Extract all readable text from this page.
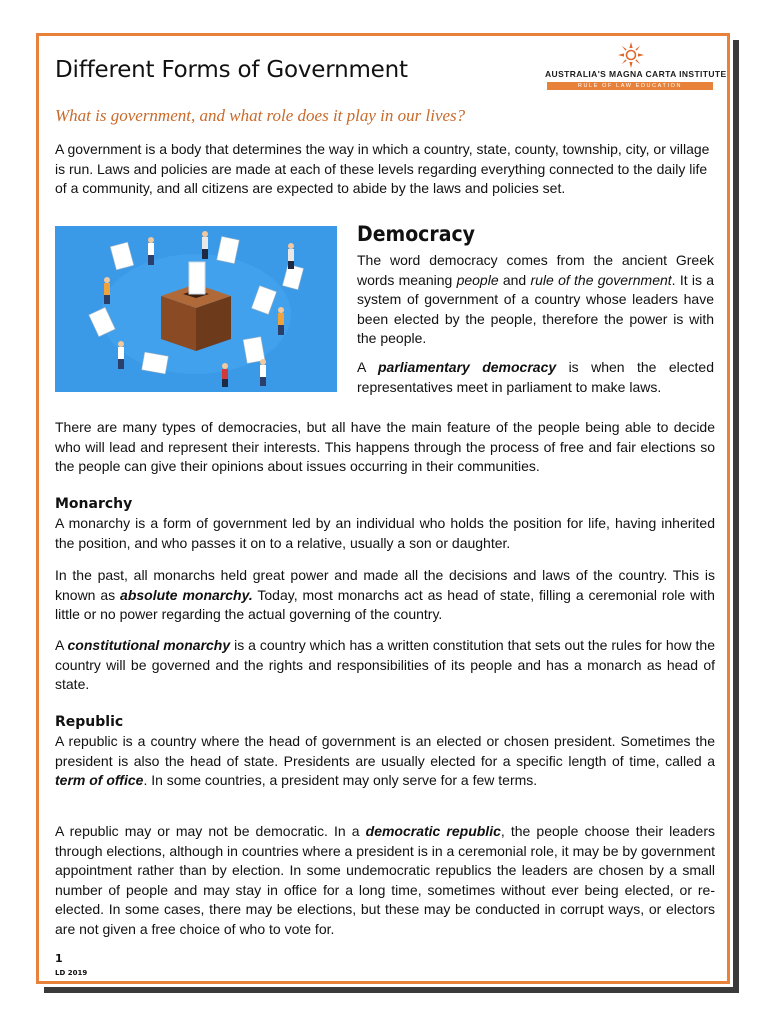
Different Forms of Government	AUSTRALIA'S MAGNA CARTA INSTITUTE
RULE OF LAW EDUCATION
What is government, and what role does it play in our lives?

A government is a body that determines the way in which a country, state, county, township, city, or village is run. Laws and policies are made at each of these levels regarding everything connected to the daily life of a community, and all citizens are expected to abide by the laws and policies set.

Democracy

The word democracy comes from the ancient Greek words meaning people and rule of the government. It is a system of government of a country whose leaders have been elected by the people, therefore the power is with the people.

A parliamentary democracy is when the elected representatives meet in parliament to make laws.

There are many types of democracies, but all have the main feature of the people being able to decide who will lead and represent their interests. This happens through the process of free and fair elections so the people can give their opinions about issues occurring in their communities.

Monarchy

A monarchy is a form of government led by an individual who holds the position for life, having inherited the position, and who passes it on to a relative, usually a son or daughter.

In the past, all monarchs held great power and made all the decisions and laws of the country. This is known as absolute monarchy. Today, most monarchs act as head of state, filling a ceremonial role with little or no power regarding the actual governing of the country.

A constitutional monarchy is a country which has a written constitution that sets out the rules for how the country will be governed and the rights and responsibilities of its people and has a monarch as head of state.

Republic

A republic is a country where the head of government is an elected or chosen president. Sometimes the president is also the head of state. Presidents are usually elected for a specific length of time, called a term of office. In some countries, a president may only serve for a few terms.

A republic may or may not be democratic. In a democratic republic, the people choose their leaders through elections, although in countries where a president is in a ceremonial role, it may be by government appointment rather than by election. In some undemocratic republics the leaders are chosen by a small number of people and may stay in office for a long time, sometimes without ever being elected, or re-elected. In some cases, there may be elections, but these may be conducted in corrupt ways, or electors are not given a free choice of who to vote for.

1
LD 2019
